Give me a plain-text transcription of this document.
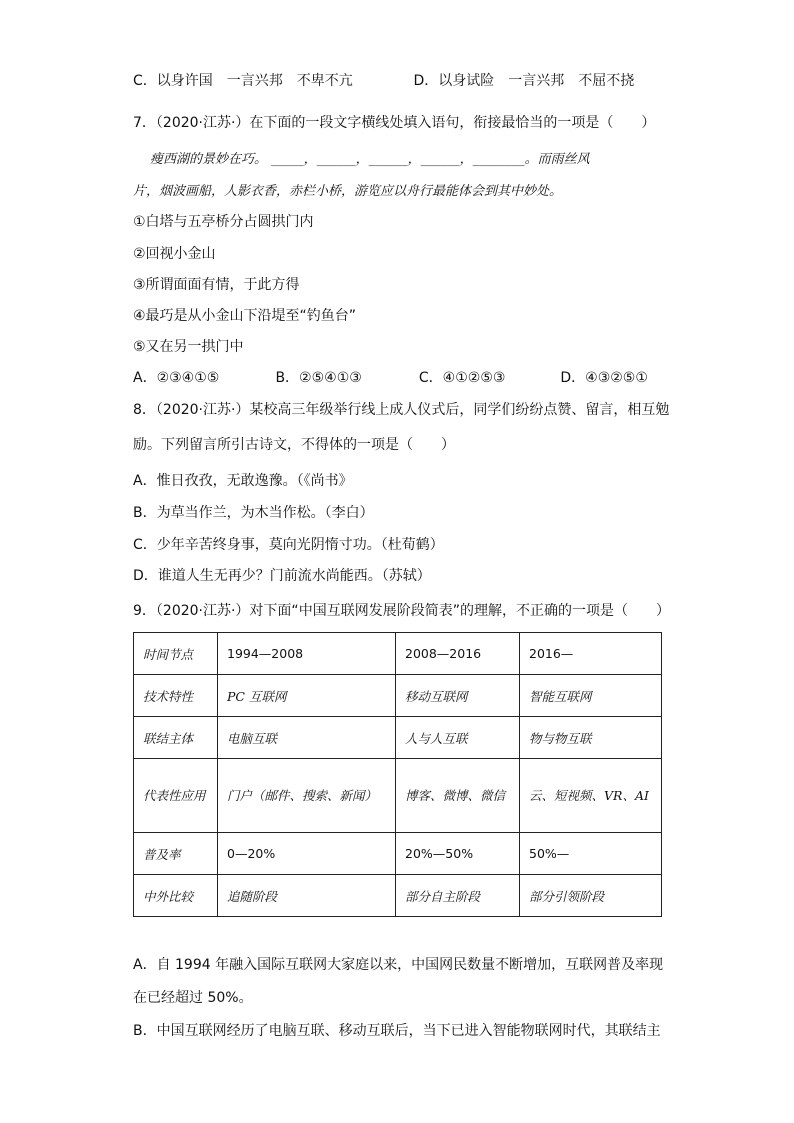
C．以身许国　一言兴邦　不卑不亢	D．以身试险　一言兴邦　不屈不挠
7．（2020·江苏·）在下面的一段文字横线处填入语句，衔接最恰当的一项是（　　）
瘦西湖的景妙在巧。 _____，______，______，______，________。而雨丝风
片，烟波画船，人影衣香，赤栏小桥，游览应以舟行最能体会到其中妙处。
①白塔与五亭桥分占圆拱门内
②回视小金山
③所谓面面有情，于此方得
④最巧是从小金山下沿堤至“钓鱼台”
⑤又在另一拱门中
A．②③④①⑤	B．②⑤④①③	C．④①②⑤③	D．④③②⑤①
8．（2020·江苏·）某校高三年级举行线上成人仪式后，同学们纷纷点赞、留言，相互勉
励。下列留言所引古诗文，不得体的一项是（　　）
A．惟日孜孜，无敢逸豫。（《尚书》
B．为草当作兰，为木当作松。（李白）
C．少年辛苦终身事，莫向光阴惰寸功。（杜荀鹤）
D．谁道人生无再少？门前流水尚能西。（苏轼）
9．（2020·江苏·）对下面“中国互联网发展阶段简表”的理解，不正确的一项是（　　）
时间节点	1994—2008	2008—2016	2016—
技术特性	PC 互联网	移动互联网	智能互联网
联结主体	电脑互联	人与人互联	物与物互联
代表性应用	门户（邮件、搜索、新闻）	博客、微博、微信	云、短视频、VR、AI
普及率	0—20%	20%—50%	50%—
中外比较	追随阶段	部分自主阶段	部分引领阶段
A．自 1994 年融入国际互联网大家庭以来，中国网民数量不断增加，互联网普及率现
在已经超过 50%。
B．中国互联网经历了电脑互联、移动互联后，当下已进入智能物联网时代，其联结主
